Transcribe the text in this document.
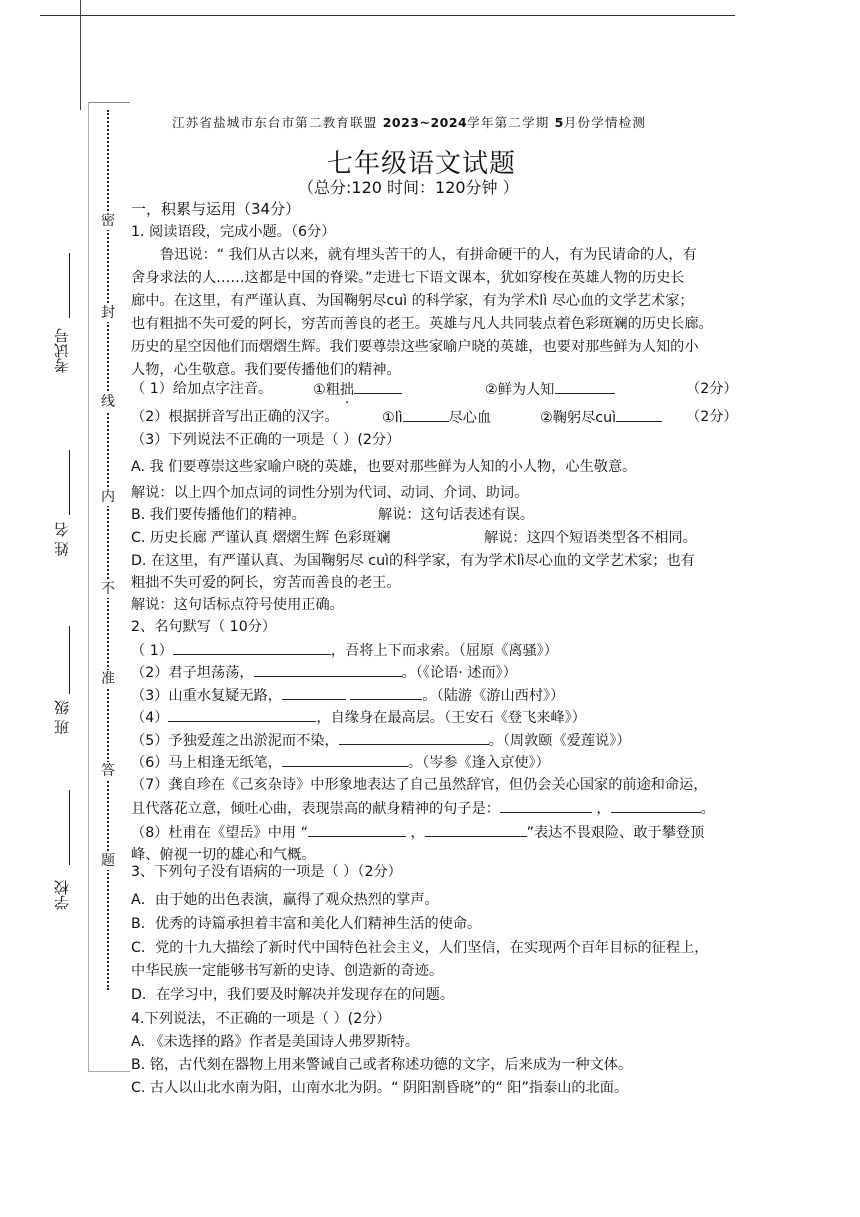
密
封
线
内
不
准
答
题
考试号
姓 名
班 级
学校
江苏省盐城市东台市第二教育联盟 2023~2024学年第二学期 5月份学情检测
七年级语文试题
（总分:120 时间：120分钟 ）
一，积累与运用（34分）
1. 阅读语段，完成小题。（6分）
鲁迅说：“ 我们从古以来，就有埋头苦干的人，有拼命硬干的人，有为民请命的人，有
舍身求法的人……这都是中国的脊梁。”走进七下语文课本，犹如穿梭在英雄人物的历史长
廊中。在这里，有严谨认真、为国鞠躬尽cuì 的科学家，有为学术lì 尽心血的文学艺术家；
也有粗拙不失可爱的阿长，穷苦而善良的老王。英雄与凡人共同装点着色彩斑斓的历史长廊。
历史的星空因他们而熠熠生辉。我们要尊崇这些家喻户晓的英雄，也要对那些鲜为人知的小
人物，心生敬意。我们要传播他们的精神。
（ 1）给加点字注音。	①粗拙	②鲜为人知	（2分）
（2）根据拼音写出正确的汉字。	①lì	尽心血	②鞠躬尽cuì	（2分）
（3）下列说法不正确的一项是（ ）(2分）
A. 我 们要尊崇这些家喻户晓的英雄，也要对那些鲜为人知的小人物，心生敬意。
解说：以上四个加点词的词性分别为代词、动词、介词、助词。
B. 我们要传播他们的精神。	解说：这句话表述有误。
C. 历史长廊 严谨认真 熠熠生辉 色彩斑斓	解说：这四个短语类型各不相同。
D. 在这里，有严谨认真、为国鞠躬尽 cuì的科学家，有为学术lì尽心血的文学艺术家；也有
粗拙不失可爱的阿长，穷苦而善良的老王。
解说：这句话标点符号使用正确。
2、名句默写（ 10分）
（ 1）	，吾将上下而求索。（屈原《离骚》）
（2）君子坦荡荡，	。（《论语· 述而》）
（3）山重水复疑无路，	。（陆游《游山西村》）
（4）	，自缘身在最高层。（王安石《登飞来峰》）
（5）予独爱莲之出淤泥而不染，	。（周敦颐《爱莲说》）
（6）马上相逢无纸笔，	。（岑参《逢入京使》）
（7）龚自珍在《己亥杂诗》中形象地表达了自己虽然辞官，但仍会关心国家的前途和命运，
且代落花立意，倾吐心曲，表现崇高的献身精神的句子是：	，	。
（8）杜甫在《望岳》中用 “	，	”表达不畏艰险、敢于攀登顶
峰、俯视一切的雄心和气概。
3、下列句子没有语病的一项是（ ）（2分）
A．由于她的出色表演，赢得了观众热烈的掌声。
B．优秀的诗篇承担着丰富和美化人们精神生活的使命。
C．党的十九大描绘了新时代中国特色社会主义，人们坚信，在实现两个百年目标的征程上，
中华民族一定能够书写新的史诗、创造新的奇迹。
D．在学习中，我们要及时解决并发现存在的问题。
4.下列说法，不正确的一项是（ ）(2分）
A. 《未选择的路》作者是美国诗人弗罗斯特。
B. 铭，古代刻在器物上用来警诫自己或者称述功德的文字，后来成为一种文体。
C. 古人以山北水南为阳，山南水北为阴。“ 阴阳割昏晓”的“ 阳”指泰山的北面。
